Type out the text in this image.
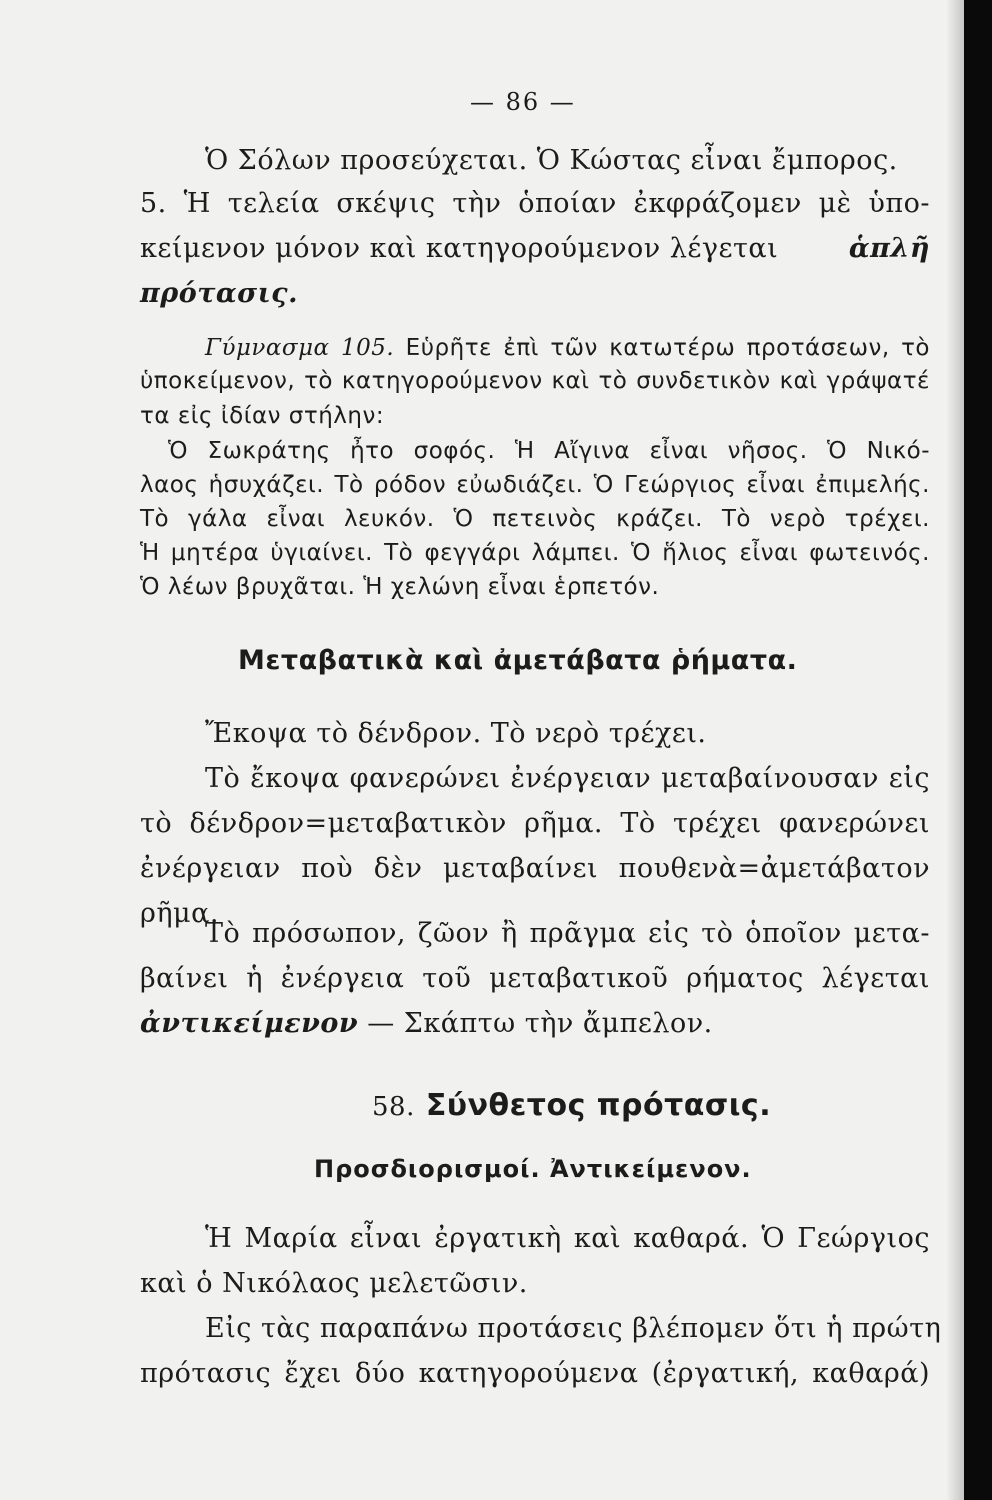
— 86 —
Ὁ Σόλων προσεύχεται. Ὁ Κώστας εἶναι ἔμπορος.
5. Ἡ τελεία σκέψις τὴν ὁποίαν ἐκφράζομεν μὲ ὑπο-
κείμενον μόνον καὶ κατηγορούμενον λέγεται	ἁπλῆ
πρότασις.
Γύμνασμα 105. Εὑρῆτε ἐπὶ τῶν κατωτέρω προτάσεων, τὸ
ὑποκείμενον, τὸ κατηγορούμενον καὶ τὸ συνδετικὸν καὶ γράψατέ
τα εἰς ἰδίαν στήλην:
Ὁ Σωκράτης ἦτο σοφός. Ἡ Αἴγινα εἶναι νῆσος. Ὁ Νικό-
λαος ἡσυχάζει. Τὸ ρόδον εὐωδιάζει. Ὁ Γεώργιος εἶναι ἐπιμελής.
Τὸ γάλα εἶναι λευκόν. Ὁ πετεινὸς κράζει. Τὸ νερὸ τρέχει.
Ἡ μητέρα ὑγιαίνει. Τὸ φεγγάρι λάμπει. Ὁ ἥλιος εἶναι φωτεινός.
Ὁ λέων βρυχᾶται. Ἡ χελώνη εἶναι ἑρπετόν.
Μεταβατικὰ καὶ ἀμετάβατα ῥήματα.
Ἔκοψα τὸ δένδρον. Τὸ νερὸ τρέχει.
Τὸ ἔκοψα φανερώνει ἐνέργειαν μεταβαίνουσαν εἰς
τὸ δένδρον=μεταβατικὸν ρῆμα. Τὸ τρέχει φανερώνει
ἐνέργειαν ποὺ δὲν μεταβαίνει πουθενὰ=ἀμετάβατον
ρῆμα.
Τὸ πρόσωπον, ζῶον ἢ πρᾶγμα εἰς τὸ ὁποῖον μετα-
βαίνει ἡ ἐνέργεια τοῦ μεταβατικοῦ ρήματος λέγεται
ἀντικείμενον — Σκάπτω τὴν ἄμπελον.
58. Σύνθετος πρότασις.
Προσδιορισμοί. Ἀντικείμενον.
Ἡ Μαρία εἶναι ἐργατικὴ καὶ καθαρά. Ὁ Γεώργιος
καὶ ὁ Νικόλαος μελετῶσιν.
Εἰς τὰς παραπάνω προτάσεις βλέπομεν ὅτι ἡ πρώτη
πρότασις ἔχει δύο κατηγορούμενα (ἐργατική, καθαρά)
